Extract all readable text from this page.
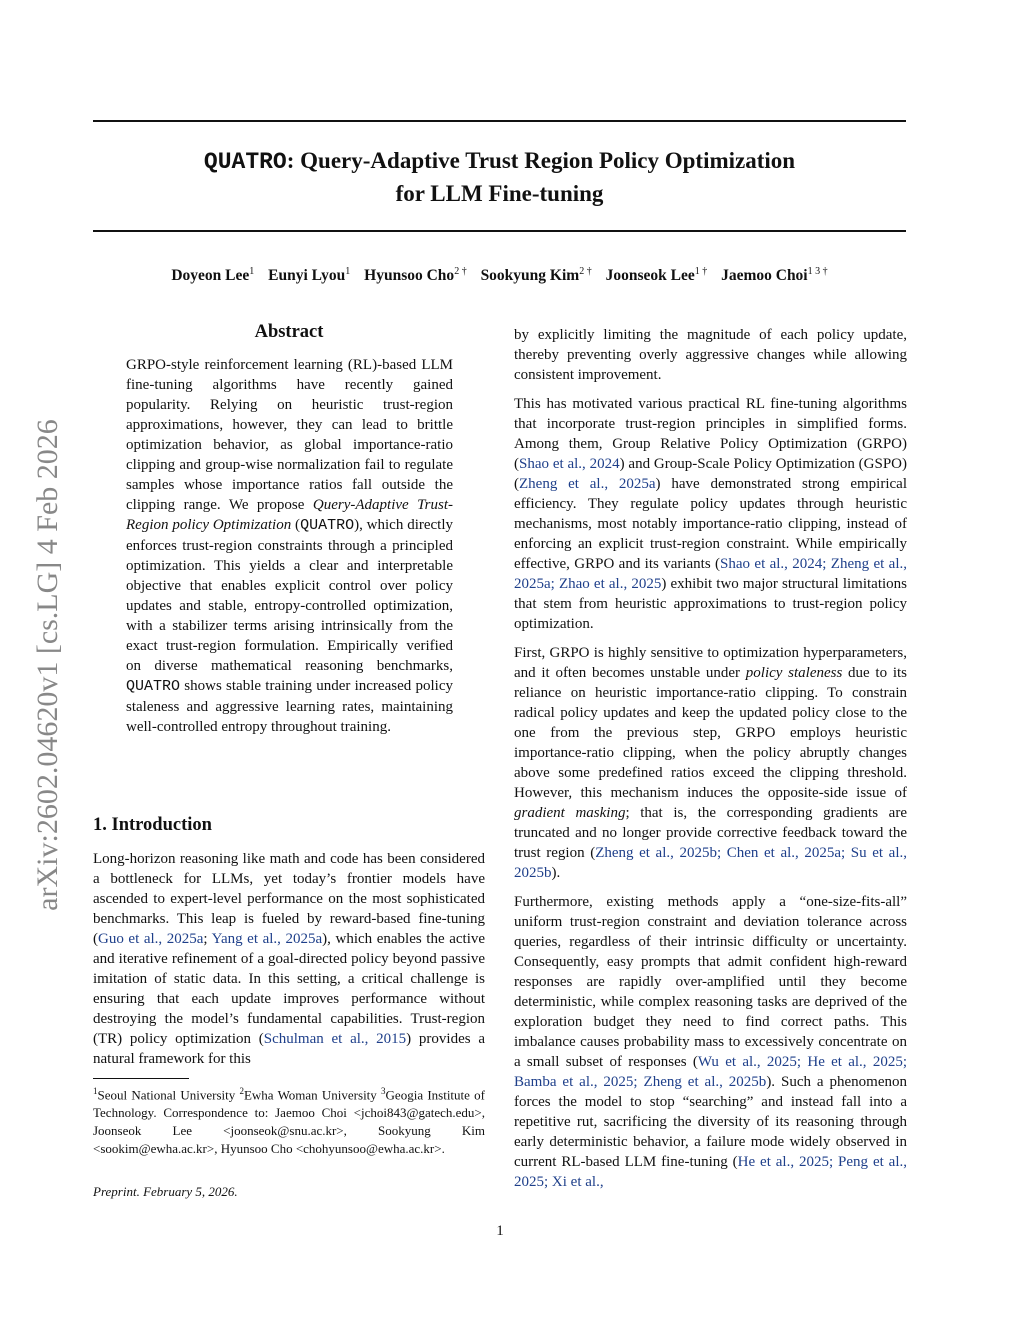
QUATRO: Query-Adaptive Trust Region Policy Optimization
for LLM Fine-tuning
Doyeon Lee$^1$ Eunyi Lyou$^1$ Hyunsoo Cho$^{2 \dagger}$ Sookyung Kim$^{2 \dagger}$ Joonseok Lee$^{1 \dagger}$ Jaemoo Choi$^{1 3 \dagger}$
arXiv:2602.04620v1 [cs.LG] 4 Feb 2026
Abstract
GRPO-style reinforcement learning (RL)-based LLM fine-tuning algorithms have recently gained popularity. Relying on heuristic trust-region approximations, however, they can lead to brittle optimization behavior, as global importance-ratio clipping and group-wise normalization fail to regulate samples whose importance ratios fall outside the clipping range. We propose Query-Adaptive Trust-Region policy Optimization (QUATRO), which directly enforces trust-region constraints through a principled optimization. This yields a clear and interpretable objective that enables explicit control over policy updates and stable, entropy-controlled optimization, with a stabilizer terms arising intrinsically from the exact trust-region formulation. Empirically verified on diverse mathematical reasoning benchmarks, QUATRO shows stable training under increased policy staleness and aggressive learning rates, maintaining well-controlled entropy throughout training.
1. Introduction
Long-horizon reasoning like math and code has been considered a bottleneck for LLMs, yet today’s frontier models have ascended to expert-level performance on the most sophisticated benchmarks. This leap is fueled by reward-based fine-tuning (Guo et al., 2025a; Yang et al., 2025a), which enables the active and iterative refinement of a goal-directed policy beyond passive imitation of static data. In this setting, a critical challenge is ensuring that each update improves performance without destroying the model’s fundamental capabilities. Trust-region (TR) policy optimization (Schulman et al., 2015) provides a natural framework for this

$^1$Seoul National University $^2$Ewha Woman University $^3$Geogia Institute of Technology. Correspondence to: Jaemoo Choi <jchoi843@gatech.edu>, Joonseok Lee <joonseok@snu.ac.kr>, Sookyung Kim <sookim@ewha.ac.kr>, Hyunsoo Cho <chohyunsoo@ewha.ac.kr>.

Preprint. February 5, 2026.

by explicitly limiting the magnitude of each policy update, thereby preventing overly aggressive changes while allowing consistent improvement.

This has motivated various practical RL fine-tuning algorithms that incorporate trust-region principles in simplified forms. Among them, Group Relative Policy Optimization (GRPO) (Shao et al., 2024) and Group-Scale Policy Optimization (GSPO) (Zheng et al., 2025a) have demonstrated strong empirical efficiency. They regulate policy updates through heuristic mechanisms, most notably importance-ratio clipping, instead of enforcing an explicit trust-region constraint. While empirically effective, GRPO and its variants (Shao et al., 2024; Zheng et al., 2025a; Zhao et al., 2025) exhibit two major structural limitations that stem from heuristic approximations to trust-region policy optimization.

First, GRPO is highly sensitive to optimization hyperparameters, and it often becomes unstable under policy staleness due to its reliance on heuristic importance-ratio clipping. To constrain radical policy updates and keep the updated policy close to the one from the previous step, GRPO employs heuristic importance-ratio clipping, when the policy abruptly changes above some predefined ratios exceed the clipping threshold. However, this mechanism induces the opposite-side issue of gradient masking; that is, the corresponding gradients are truncated and no longer provide corrective feedback toward the trust region (Zheng et al., 2025b; Chen et al., 2025a; Su et al., 2025b).

Furthermore, existing methods apply a “one-size-fits-all” uniform trust-region constraint and deviation tolerance across queries, regardless of their intrinsic difficulty or uncertainty. Consequently, easy prompts that admit confident high-reward responses are rapidly over-amplified until they become deterministic, while complex reasoning tasks are deprived of the exploration budget they need to find correct paths. This imbalance causes probability mass to excessively concentrate on a small subset of responses (Wu et al., 2025; He et al., 2025; Bamba et al., 2025; Zheng et al., 2025b). Such a phenomenon forces the model to stop “searching” and instead fall into a repetitive rut, sacrificing the diversity of its reasoning through early deterministic behavior, a failure mode widely observed in current RL-based LLM fine-tuning (He et al., 2025; Peng et al., 2025; Xi et al.,

1
